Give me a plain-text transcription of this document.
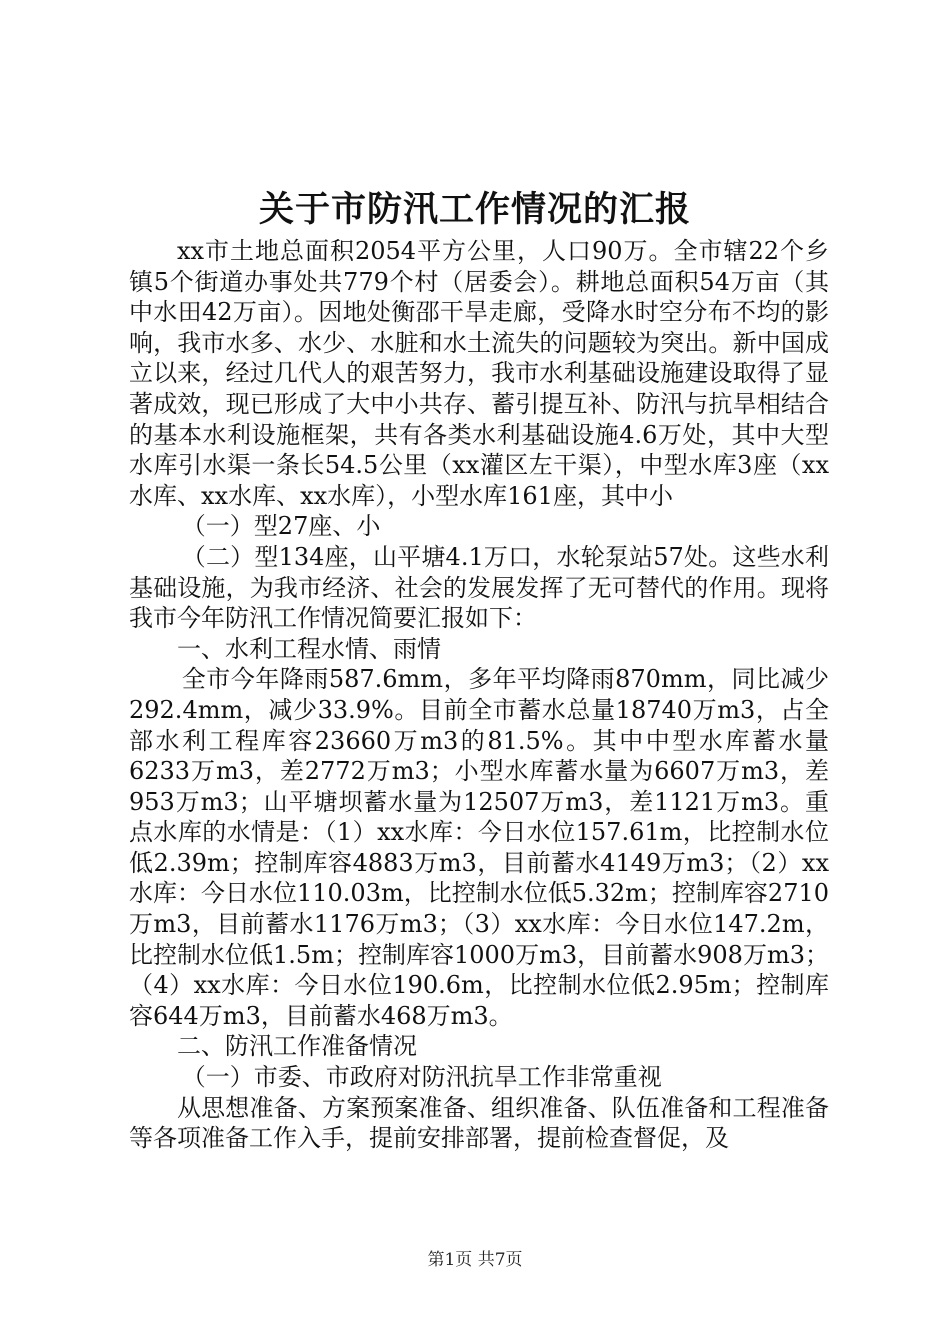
关于市防汛工作情况的汇报

xx市土地总面积2054平方公里，人口90万。全市辖22个乡镇5个街道办事处共779个村（居委会）。耕地总面积54万亩（其中水田42万亩）。因地处衡邵干旱走廊，受降水时空分布不均的影响，我市水多、水少、水脏和水土流失的问题较为突出。新中国成立以来，经过几代人的艰苦努力，我市水利基础设施建设取得了显著成效，现已形成了大中小共存、蓄引提互补、防汛与抗旱相结合的基本水利设施框架，共有各类水利基础设施4.6万处，其中大型水库引水渠一条长54.5公里（xx灌区左干渠），中型水库3座（xx水库、xx水库、xx水库），小型水库161座，其中小

（一）型27座、小

（二）型134座，山平塘4.1万口，水轮泵站57处。这些水利基础设施，为我市经济、社会的发展发挥了无可替代的作用。现将我市今年防汛工作情况简要汇报如下：

一、水利工程水情、雨情

全市今年降雨587.6mm，多年平均降雨870mm，同比减少292.4mm，减少33.9%。目前全市蓄水总量18740万m3，占全部水利工程库容23660万m3的81.5%。其中中型水库蓄水量6233万m3，差2772万m3；小型水库蓄水量为6607万m3，差953万m3；山平塘坝蓄水量为12507万m3，差1121万m3。重点水库的水情是：（1）xx水库：今日水位157.61m，比控制水位低2.39m；控制库容4883万m3，目前蓄水4149万m3；（2）xx水库：今日水位110.03m，比控制水位低5.32m；控制库容2710万m3，目前蓄水1176万m3；（3）xx水库：今日水位147.2m，比控制水位低1.5m；控制库容1000万m3，目前蓄水908万m3；（4）xx水库：今日水位190.6m，比控制水位低2.95m；控制库容644万m3，目前蓄水468万m3。

二、防汛工作准备情况

（一）市委、市政府对防汛抗旱工作非常重视

从思想准备、方案预案准备、组织准备、队伍准备和工程准备等各项准备工作入手，提前安排部署，提前检查督促，及

第1页 共7页
